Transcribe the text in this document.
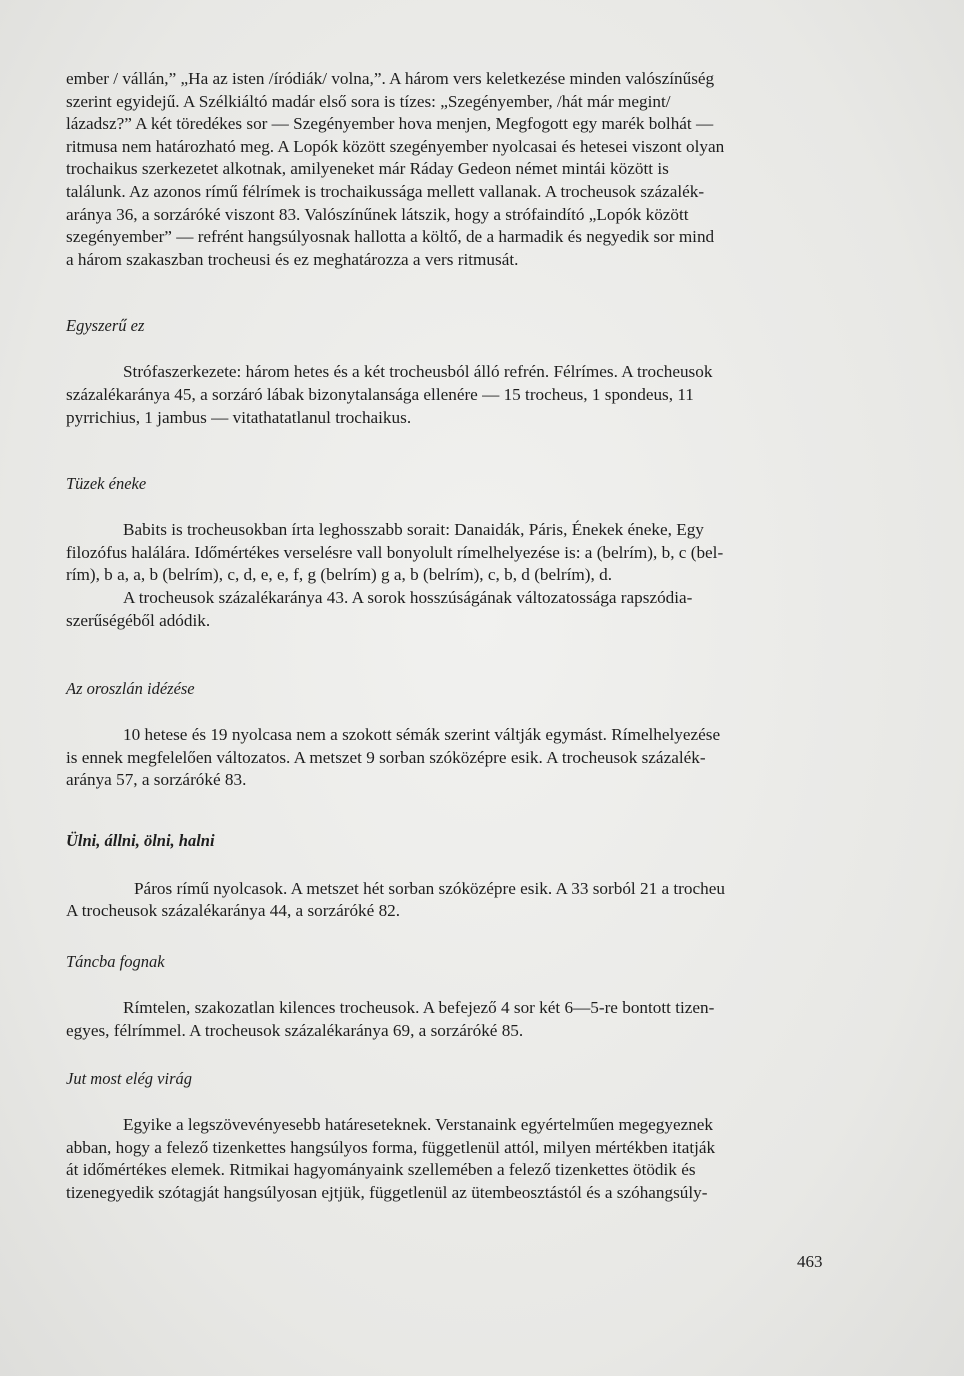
ember / vállán,” „Ha az isten /íródiák/ volna,”. A három vers keletkezése minden valószínűség
szerint egyidejű. A Szélkiáltó madár első sora is tízes: „Szegényember, /hát már megint/
lázadsz?” A két töredékes sor — Szegényember hova menjen, Megfogott egy marék bolhát —
ritmusa nem határozható meg. A Lopók között szegényember nyolcasai és hetesei viszont olyan
trochaikus szerkezetet alkotnak, amilyeneket már Ráday Gedeon német mintái között is
találunk. Az azonos rímű félrímek is trochaikussága mellett vallanak. A trocheusok százalék-
aránya 36, a sorzáróké viszont 83. Valószínűnek látszik, hogy a strófaindító „Lopók között
szegényember” — refrént hangsúlyosnak hallotta a költő, de a harmadik és negyedik sor mind
a három szakaszban trocheusi és ez meghatározza a vers ritmusát.

Egyszerű ez

Strófaszerkezete: három hetes és a két trocheusból álló refrén. Félrímes. A trocheusok
százalékaránya 45, a sorzáró lábak bizonytalansága ellenére — 15 trocheus, 1 spondeus, 11
pyrrichius, 1 jambus — vitathatatlanul trochaikus.

Tüzek éneke

Babits is trocheusokban írta leghosszabb sorait: Danaidák, Páris, Énekek éneke, Egy
filozófus halálára. Időmértékes verselésre vall bonyolult rímelhelyezése is: a (belrím), b, c (bel-
rím), b a, a, b (belrím), c, d, e, e, f, g (belrím) g a, b (belrím), c, b, d (belrím), d.
A trocheusok százalékaránya 43. A sorok hosszúságának változatossága rapszódia-
szerűségéből adódik.

Az oroszlán idézése

10 hetese és 19 nyolcasa nem a szokott sémák szerint váltják egymást. Rímelhelyezése
is ennek megfelelően változatos. A metszet 9 sorban szóközépre esik. A trocheusok százalék-
aránya 57, a sorzáróké 83.

Ülni, állni, ölni, halni

Páros rímű nyolcasok. A metszet hét sorban szóközépre esik. A 33 sorból 21 a trocheu
A trocheusok százalékaránya 44, a sorzáróké 82.

Táncba fognak

Rímtelen, szakozatlan kilences trocheusok. A befejező 4 sor két 6—5-re bontott tizen-
egyes, félrímmel. A trocheusok százalékaránya 69, a sorzáróké 85.

Jut most elég virág

Egyike a legszövevényesebb határeseteknek. Verstanaink egyértelműen megegyeznek
abban, hogy a felező tizenkettes hangsúlyos forma, függetlenül attól, milyen mértékben itatják
át időmértékes elemek. Ritmikai hagyományaink szellemében a felező tizenkettes ötödik és
tizenegyedik szótagját hangsúlyosan ejtjük, függetlenül az ütembeosztástól és a szóhangsúly-

463
